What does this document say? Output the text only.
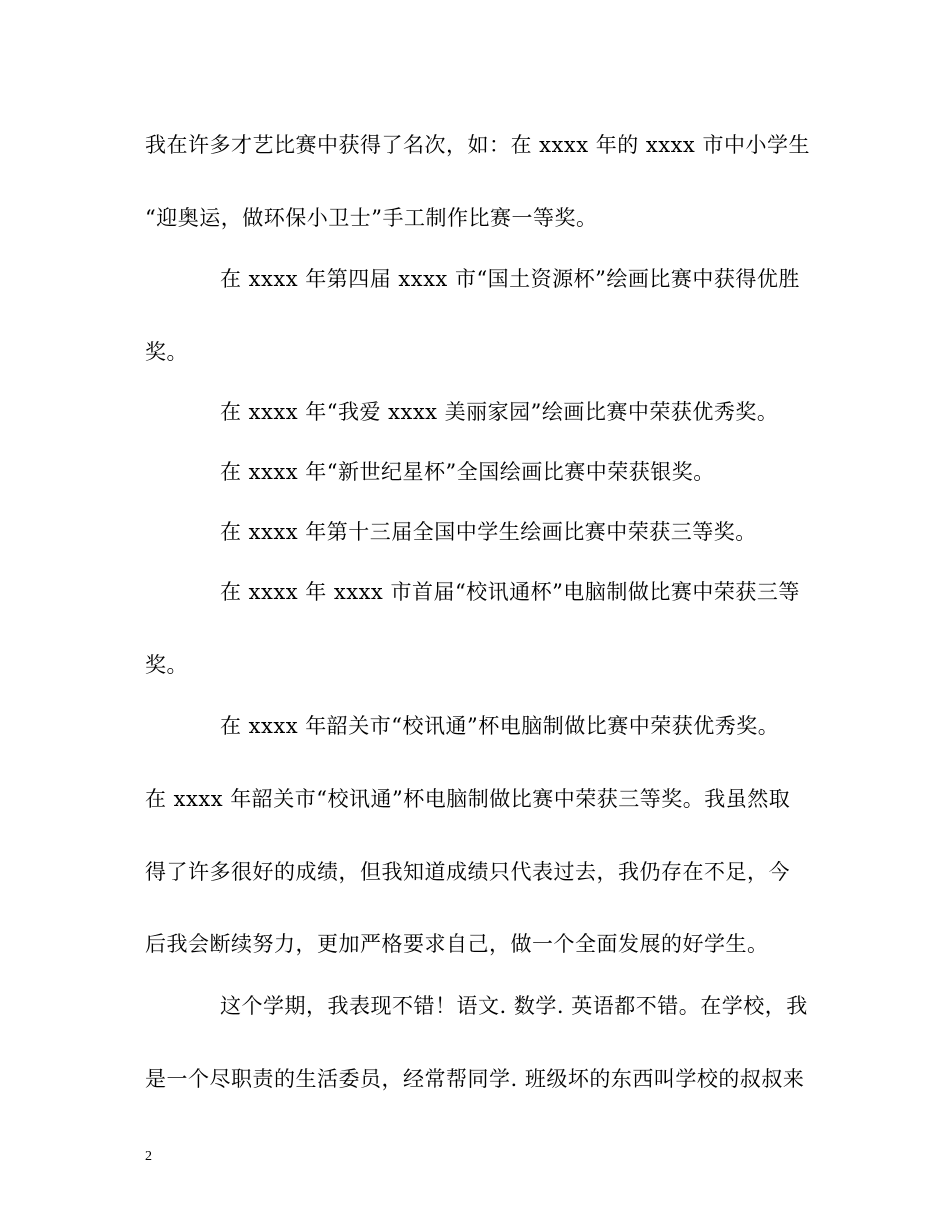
我在许多才艺比赛中获得了名次，如：在 xxxx 年的 xxxx 市中小学生
“迎奥运，做环保小卫士”手工制作比赛一等奖。
在 xxxx 年第四届 xxxx 市“国土资源杯”绘画比赛中获得优胜
奖。
在 xxxx 年“我爱 xxxx 美丽家园”绘画比赛中荣获优秀奖。
在 xxxx 年“新世纪星杯”全国绘画比赛中荣获银奖。
在 xxxx 年第十三届全国中学生绘画比赛中荣获三等奖。
在 xxxx 年 xxxx 市首届“校讯通杯”电脑制做比赛中荣获三等
奖。
在 xxxx 年韶关市“校讯通”杯电脑制做比赛中荣获优秀奖。
在 xxxx 年韶关市“校讯通”杯电脑制做比赛中荣获三等奖。我虽然取
得了许多很好的成绩，但我知道成绩只代表过去，我仍存在不足，今
后我会断续努力，更加严格要求自己，做一个全面发展的好学生。
这个学期，我表现不错！语文. 数学. 英语都不错。在学校，我
是一个尽职责的生活委员，经常帮同学. 班级坏的东西叫学校的叔叔来
2
